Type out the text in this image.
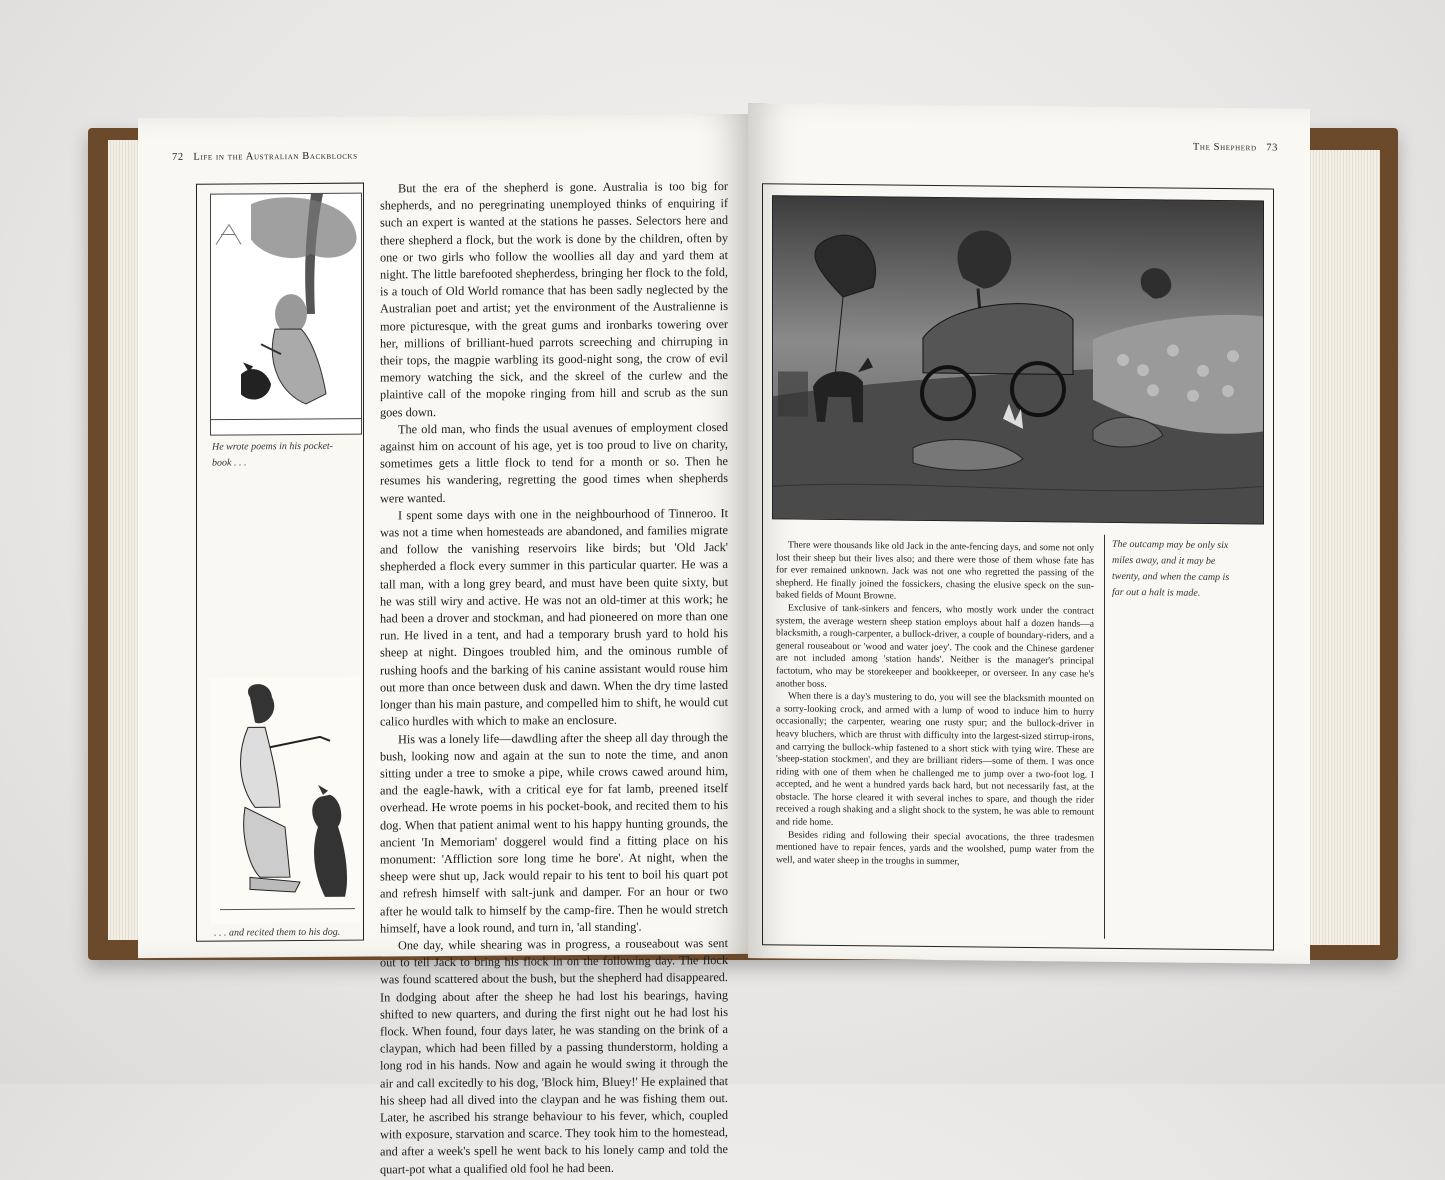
72 Life in the Australian Backblocks
He wrote poems in his pocket-book . . .
. . . and recited them to his dog.

But the era of the shepherd is gone. Australia is too big for shepherds, and no peregrinating unemployed thinks of enquiring if such an expert is wanted at the stations he passes. Selectors here and there shepherd a flock, but the work is done by the children, often by one or two girls who follow the woollies all day and yard them at night. The little barefooted shepherdess, bringing her flock to the fold, is a touch of Old World romance that has been sadly neglected by the Australian poet and artist; yet the environment of the Australienne is more picturesque, with the great gums and ironbarks towering over her, millions of brilliant-hued parrots screeching and chirruping in their tops, the magpie warbling its good-night song, the crow of evil memory watching the sick, and the skreel of the curlew and the plaintive call of the mopoke ringing from hill and scrub as the sun goes down.

The old man, who finds the usual avenues of employment closed against him on account of his age, yet is too proud to live on charity, sometimes gets a little flock to tend for a month or so. Then he resumes his wandering, regretting the good times when shepherds were wanted.

I spent some days with one in the neighbourhood of Tinneroo. It was not a time when homesteads are abandoned, and families migrate and follow the vanishing reservoirs like birds; but 'Old Jack' shepherded a flock every summer in this particular quarter. He was a tall man, with a long grey beard, and must have been quite sixty, but he was still wiry and active. He was not an old-timer at this work; he had been a drover and stockman, and had pioneered on more than one run. He lived in a tent, and had a temporary brush yard to hold his sheep at night. Dingoes troubled him, and the ominous rumble of rushing hoofs and the barking of his canine assistant would rouse him out more than once between dusk and dawn. When the dry time lasted longer than his main pasture, and compelled him to shift, he would cut calico hurdles with which to make an enclosure.

His was a lonely life—dawdling after the sheep all day through the bush, looking now and again at the sun to note the time, and anon sitting under a tree to smoke a pipe, while crows cawed around him, and the eagle-hawk, with a critical eye for fat lamb, preened itself overhead. He wrote poems in his pocket-book, and recited them to his dog. When that patient animal went to his happy hunting grounds, the ancient 'In Memoriam' doggerel would find a fitting place on his monument: 'Affliction sore long time he bore'. At night, when the sheep were shut up, Jack would repair to his tent to boil his quart pot and refresh himself with salt-junk and damper. For an hour or two after he would talk to himself by the camp-fire. Then he would stretch himself, have a look round, and turn in, 'all standing'.

One day, while shearing was in progress, a rouseabout was sent out to tell Jack to bring his flock in on the following day. The flock was found scattered about the bush, but the shepherd had disappeared. In dodging about after the sheep he had lost his bearings, having shifted to new quarters, and during the first night out he had lost his flock. When found, four days later, he was standing on the brink of a claypan, which had been filled by a passing thunderstorm, holding a long rod in his hands. Now and again he would swing it through the air and call excitedly to his dog, 'Block him, Bluey!' He explained that his sheep had all dived into the claypan and he was fishing them out. Later, he ascribed his strange behaviour to his fever, which, coupled with exposure, starvation and scarce. They took him to the homestead, and after a week's spell he went back to his lonely camp and told the quart-pot what a qualified old fool he had been.

The Shepherd 73

There were thousands like old Jack in the ante-fencing days, and some not only lost their sheep but their lives also; and there were those of them whose fate has for ever remained unknown. Jack was not one who regretted the passing of the shepherd. He finally joined the fossickers, chasing the elusive speck on the sun-baked fields of Mount Browne.

Exclusive of tank-sinkers and fencers, who mostly work under the contract system, the average western sheep station employs about half a dozen hands—a blacksmith, a rough-carpenter, a bullock-driver, a couple of boundary-riders, and a general rouseabout or 'wood and water joey'. The cook and the Chinese gardener are not included among 'station hands'. Neither is the manager's principal factotum, who may be storekeeper and bookkeeper, or overseer. In any case he's another boss.

When there is a day's mustering to do, you will see the blacksmith mounted on a sorry-looking crock, and armed with a lump of wood to induce him to hurry occasionally; the carpenter, wearing one rusty spur; and the bullock-driver in heavy bluchers, which are thrust with difficulty into the largest-sized stirrup-irons, and carrying the bullock-whip fastened to a short stick with tying wire. These are 'sheep-station stockmen', and they are brilliant riders—some of them. I was once riding with one of them when he challenged me to jump over a two-foot log. I accepted, and he went a hundred yards back hard, but not necessarily fast, at the obstacle. The horse cleared it with several inches to spare, and though the rider received a rough shaking and a slight shock to the system, he was able to remount and ride home.

Besides riding and following their special avocations, the three tradesmen mentioned have to repair fences, yards and the woolshed, pump water from the well, and water sheep in the troughs in summer,

The outcamp may be only six miles away, and it may be twenty, and when the camp is far out a halt is made.
